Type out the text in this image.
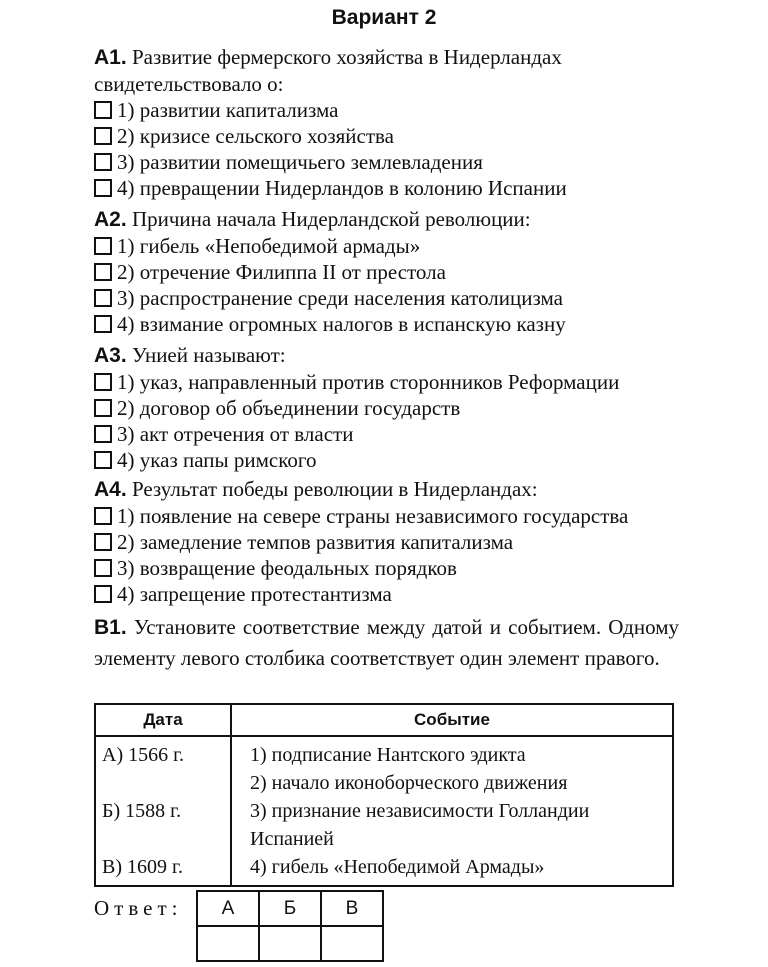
Вариант 2

А1. Развитие фермерского хозяйства в Нидерландах свидетельствовало о:

1) развитии капитализма
2) кризисе сельского хозяйства
3) развитии помещичьего землевладения
4) превращении Нидерландов в колонию Испании

А2. Причина начала Нидерландской революции:

1) гибель «Непобедимой армады»
2) отречение Филиппа II от престола
3) распространение среди населения католицизма
4) взимание огромных налогов в испанскую казну

А3. Унией называют:

1) указ, направленный против сторонников Реформации
2) договор об объединении государств
3) акт отречения от власти
4) указ папы римского

А4. Результат победы революции в Нидерландах:

1) появление на севере страны независимого государства
2) замедление темпов развития капитализма
3) возвращение феодальных порядков
4) запрещение протестантизма
В1. Установите соответствие между датой и событием. Одному элементу левого столбика соответствует один элемент правого.
Дата	Событие
А) 1566 г.	1) подписание Нантского эдикта
	2) начало иконоборческого движения
Б) 1588 г.	3) признание независимости Голландии Испанией
В) 1609 г.	4) гибель «Непобедимой Армады»
Ответ: А	Б	В
